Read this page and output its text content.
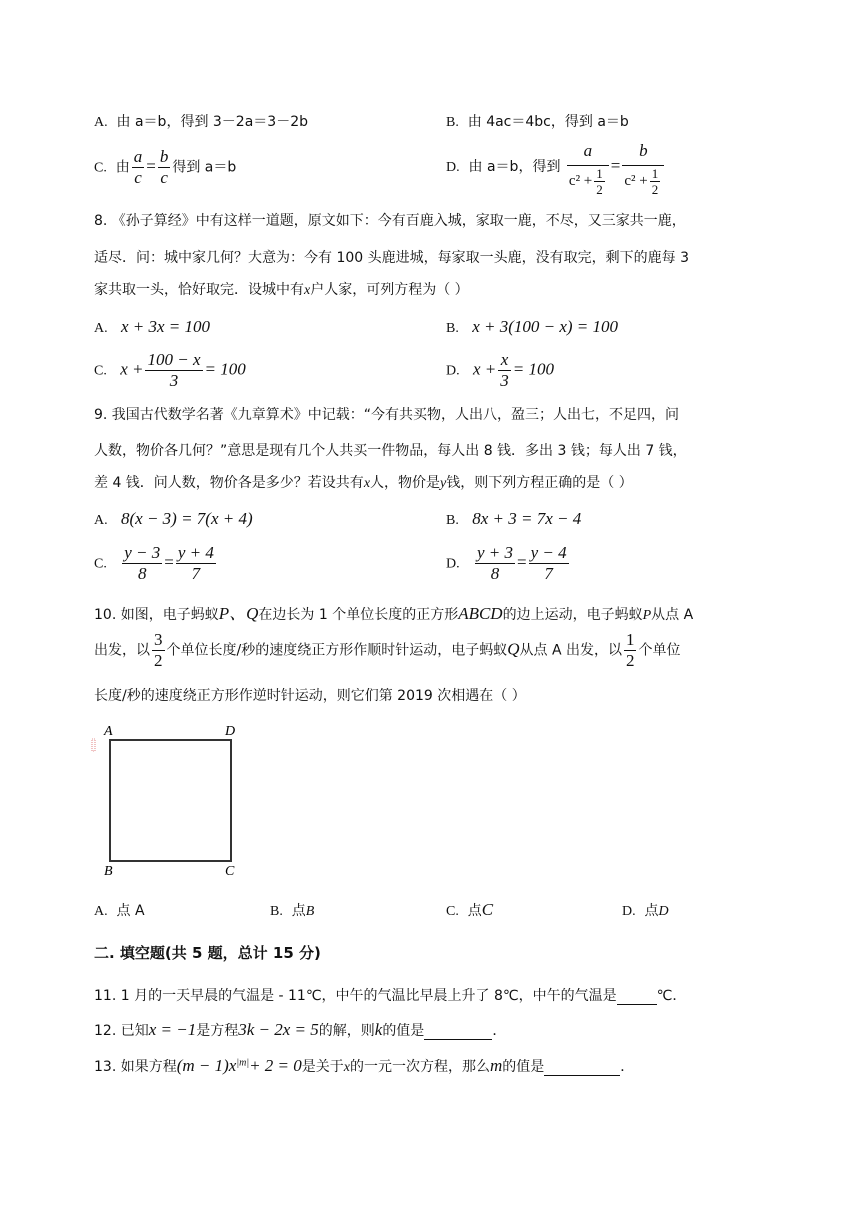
A. 由 a＝b，得到 3－2a＝3－2b	B. 由 4ac＝4bc，得到 a＝b
C. 由 $\frac{a}{c} = \frac{b}{c}$ 得到 a＝b	D. 由 a＝b，得到 $\frac{a}{c^2 + \frac{1}{2}} = \frac{b}{c^2 + \frac{1}{2}}$
8. 《孙子算经》中有这样一道题，原文如下：今有百鹿入城，家取一鹿，不尽，又三家共一鹿，
适尽．问：城中家几何？大意为：今有 100 头鹿进城，每家取一头鹿，没有取完，剩下的鹿每 3
家共取一头，恰好取完．设城中有x户人家，可列方程为（ ）
A. x + 3x = 100	B. x + 3(100 − x) = 100
C. $x + \frac{100 - x}{3} = 100$	D. $x + \frac{x}{3} = 100$
9. 我国古代数学名著《九章算术》中记载：“今有共买物，人出八，盈三；人出七，不足四，问
人数，物价各几何？”意思是现有几个人共买一件物品，每人出 8 钱．多出 3 钱；每人出 7 钱，
差 4 钱．问人数，物价各是多少？若设共有x人，物价是y钱，则下列方程正确的是（ ）
A. 8(x − 3) = 7(x + 4)	B. 8x + 3 = 7x − 4
C. $\frac{y - 3}{8} = \frac{y + 4}{7}$	D. $\frac{y + 3}{8} = \frac{y - 4}{7}$
10. 如图，电子蚂蚁P、Q在边长为 1 个单位长度的正方形ABCD的边上运动，电子蚂蚁P从点 A
出发，以 $\frac{3}{2}$ 个单位长度/秒的速度绕正方形作顺时针运动，电子蚂蚁Q从点 A 出发，以 $\frac{1}{2}$ 个单位
长度/秒的速度绕正方形作逆时针运动，则它们第 2019 次相遇在（ ）
A	D
B	C
A. 点 A	B. 点B	C. 点C	D. 点D
二. 填空题(共 5 题，总计 15 分)
11. 1 月的一天早晨的气温是 - 11℃，中午的气温比早晨上升了 8℃，中午的气温是	℃．
12. 已知x = −1是方程3k − 2x = 5的解，则k的值是	．
13. 如果方程$(m - 1)x^{|m|}+ 2 = 0$是关于x的一元一次方程，那么m的值是	．
